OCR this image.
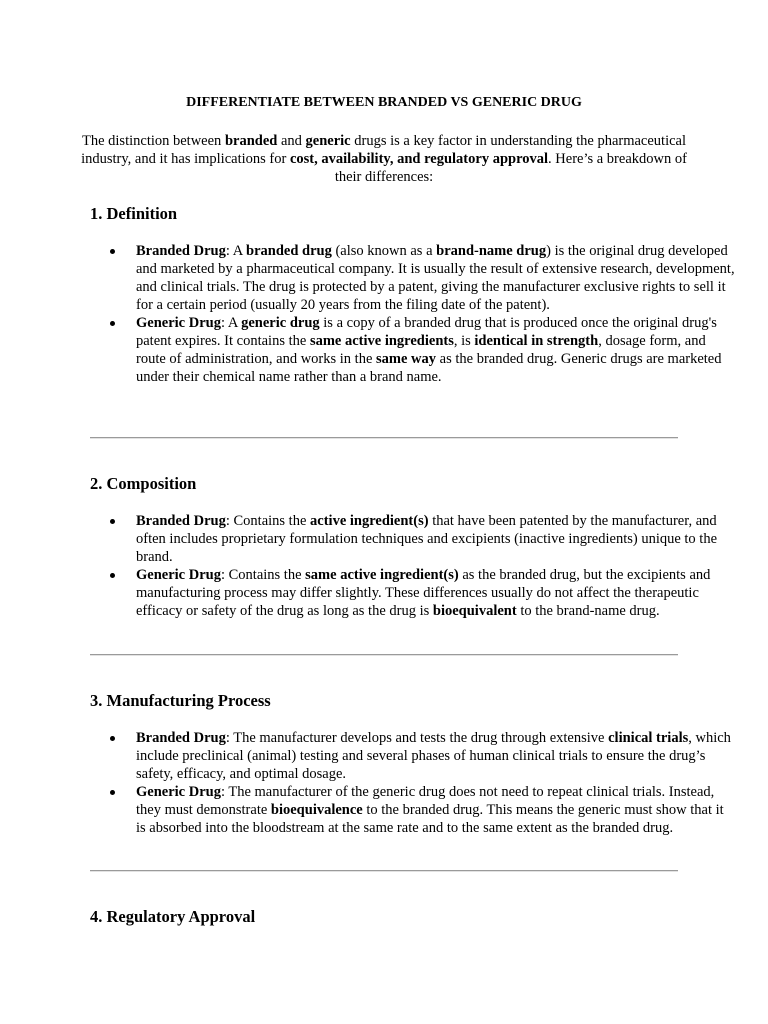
DIFFERENTIATE BETWEEN BRANDED VS GENERIC DRUG
The distinction between branded and generic drugs is a key factor in understanding the pharmaceutical industry, and it has implications for cost, availability, and regulatory approval. Here’s a breakdown of their differences:
1. Definition
Branded Drug: A branded drug (also known as a brand-name drug) is the original drug developed and marketed by a pharmaceutical company. It is usually the result of extensive research, development, and clinical trials. The drug is protected by a patent, giving the manufacturer exclusive rights to sell it for a certain period (usually 20 years from the filing date of the patent).
Generic Drug: A generic drug is a copy of a branded drug that is produced once the original drug's patent expires. It contains the same active ingredients, is identical in strength, dosage form, and route of administration, and works in the same way as the branded drug. Generic drugs are marketed under their chemical name rather than a brand name.
2. Composition
Branded Drug: Contains the active ingredient(s) that have been patented by the manufacturer, and often includes proprietary formulation techniques and excipients (inactive ingredients) unique to the brand.
Generic Drug: Contains the same active ingredient(s) as the branded drug, but the excipients and manufacturing process may differ slightly. These differences usually do not affect the therapeutic efficacy or safety of the drug as long as the drug is bioequivalent to the brand-name drug.
3. Manufacturing Process
Branded Drug: The manufacturer develops and tests the drug through extensive clinical trials, which include preclinical (animal) testing and several phases of human clinical trials to ensure the drug’s safety, efficacy, and optimal dosage.
Generic Drug: The manufacturer of the generic drug does not need to repeat clinical trials. Instead, they must demonstrate bioequivalence to the branded drug. This means the generic must show that it is absorbed into the bloodstream at the same rate and to the same extent as the branded drug.
4. Regulatory Approval
